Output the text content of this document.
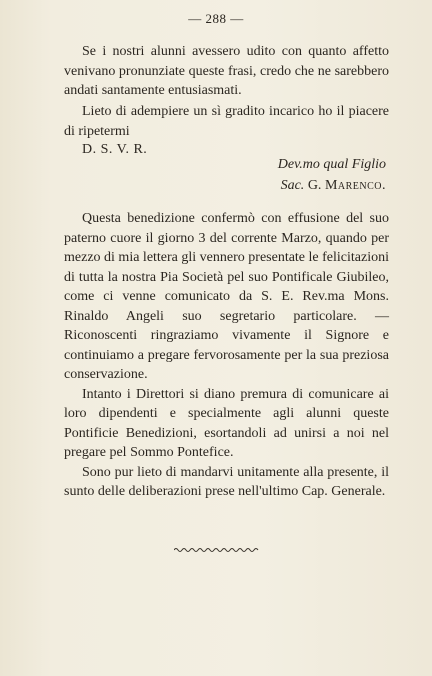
— 288 —

Se i nostri alunni avessero udito con quanto affetto venivano pronunziate queste frasi, credo che ne sarebbero andati santamente entusiasmati.

Lieto di adempiere un sì gradito incarico ho il piacere di ripetermi

D. S. V. R.
Dev.mo qual Figlio
Sac. G. Marenco.

Questa benedizione confermò con effusione del suo paterno cuore il giorno 3 del corrente Marzo, quando per mezzo di mia lettera gli vennero presentate le felicitazioni di tutta la nostra Pia Società pel suo Pontificale Giubileo, come ci venne comunicato da S. E. Rev.ma Mons. Rinaldo Angeli suo segretario particolare. — Riconoscenti ringraziamo vivamente il Signore e continuiamo a pregare fervorosamente per la sua preziosa conservazione.

Intanto i Direttori si diano premura di comunicare ai loro dipendenti e specialmente agli alunni queste Pontificie Benedizioni, esortandoli ad unirsi a noi nel pregare pel Sommo Pontefice.

Sono pur lieto di mandarvi unitamente alla presente, il sunto delle deliberazioni prese nell'ultimo Cap. Generale.
